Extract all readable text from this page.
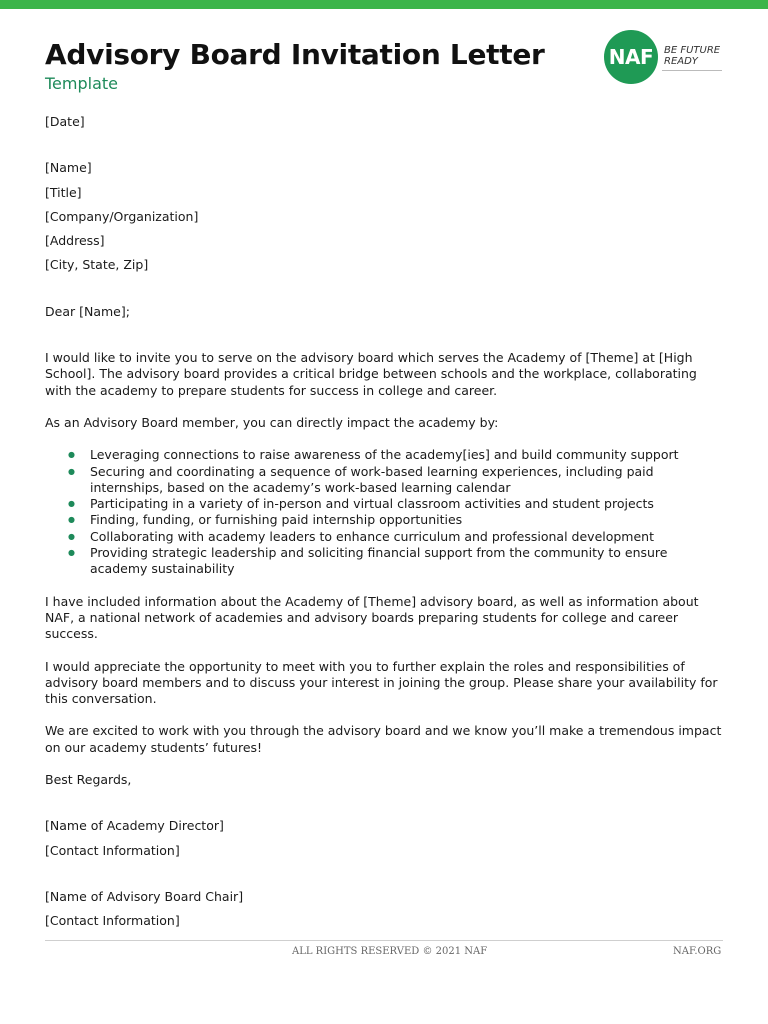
Advisory Board Invitation Letter
Template
NAF	BE FUTURE
READY
[Date]
[Name]
[Title]
[Company/Organization]
[Address]
[City, State, Zip]
Dear [Name];

I would like to invite you to serve on the advisory board which serves the Academy of [Theme] at [High School]. The advisory board provides a critical bridge between schools and the workplace, collaborating with the academy to prepare students for success in college and career.

As an Advisory Board member, you can directly impact the academy by:

● Leveraging connections to raise awareness of the academy[ies] and build community support
● Securing and coordinating a sequence of work-based learning experiences, including paid internships, based on the academy’s work-based learning calendar
● Participating in a variety of in-person and virtual classroom activities and student projects
● Finding, funding, or furnishing paid internship opportunities
● Collaborating with academy leaders to enhance curriculum and professional development
● Providing strategic leadership and soliciting financial support from the community to ensure academy sustainability

I have included information about the Academy of [Theme] advisory board, as well as information about NAF, a national network of academies and advisory boards preparing students for college and career success.

I would appreciate the opportunity to meet with you to further explain the roles and responsibilities of advisory board members and to discuss your interest in joining the group. Please share your availability for this conversation.

We are excited to work with you through the advisory board and we know you’ll make a tremendous impact on our academy students’ futures!

Best Regards,
[Name of Academy Director]
[Contact Information]
[Name of Advisory Board Chair]
[Contact Information]
ALL RIGHTS RESERVED © 2021 NAF	NAF.ORG
